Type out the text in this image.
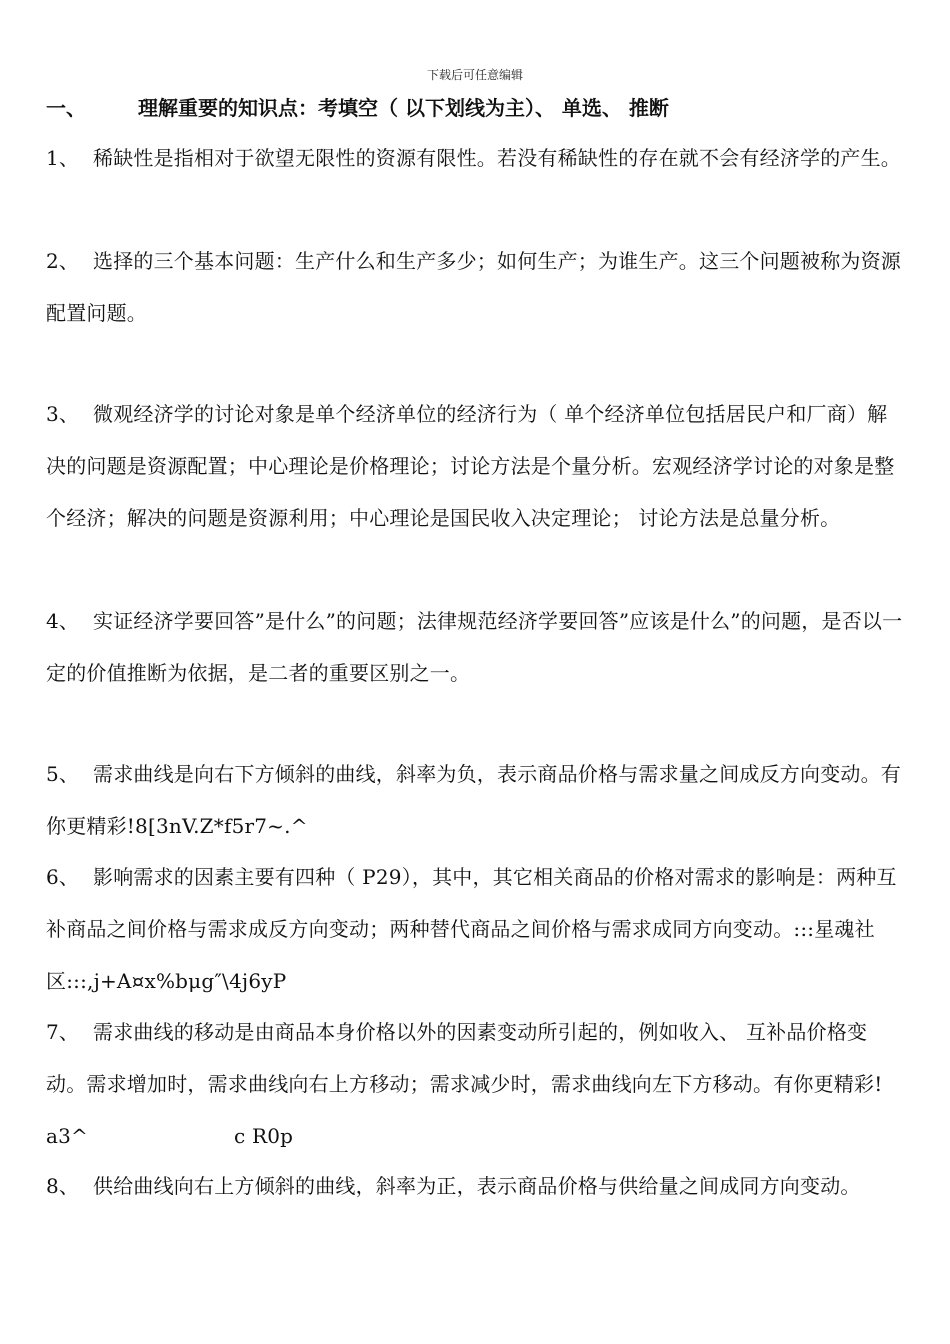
下载后可任意编辑
一、	理解重要的知识点：考填空（ 以下划线为主）、 单选、 推断
1、 稀缺性是指相对于欲望无限性的资源有限性。若没有稀缺性的存在就不会有经济学的产生。
2、 选择的三个基本问题：生产什么和生产多少；如何生产；为谁生产。这三个问题被称为资源配置问题。
3、 微观经济学的讨论对象是单个经济单位的经济行为（ 单个经济单位包括居民户和厂商）解决的问题是资源配置；中心理论是价格理论；讨论方法是个量分析。宏观经济学讨论的对象是整个经济；解决的问题是资源利用；中心理论是国民收入决定理论； 讨论方法是总量分析。
4、 实证经济学要回答”是什么”的问题；法律规范经济学要回答”应该是什么”的问题，是否以一定的价值推断为依据，是二者的重要区别之一。
5、 需求曲线是向右下方倾斜的曲线，斜率为负，表示商品价格与需求量之间成反方向变动。有你更精彩!8[3nV.Z*f5r7~.^
6、 影响需求的因素主要有四种（ P29），其中，其它相关商品的价格对需求的影响是：两种互补商品之间价格与需求成反方向变动；两种替代商品之间价格与需求成同方向变动。:::星魂社区:::,j+A¤x%bμg″\4j6yP
7、 需求曲线的移动是由商品本身价格以外的因素变动所引起的，例如收入、 互补品价格变动。需求增加时，需求曲线向右上方移动；需求减少时，需求曲线向左下方移动。有你更精彩! a3^	c R0p
8、 供给曲线向右上方倾斜的曲线，斜率为正，表示商品价格与供给量之间成同方向变动。
